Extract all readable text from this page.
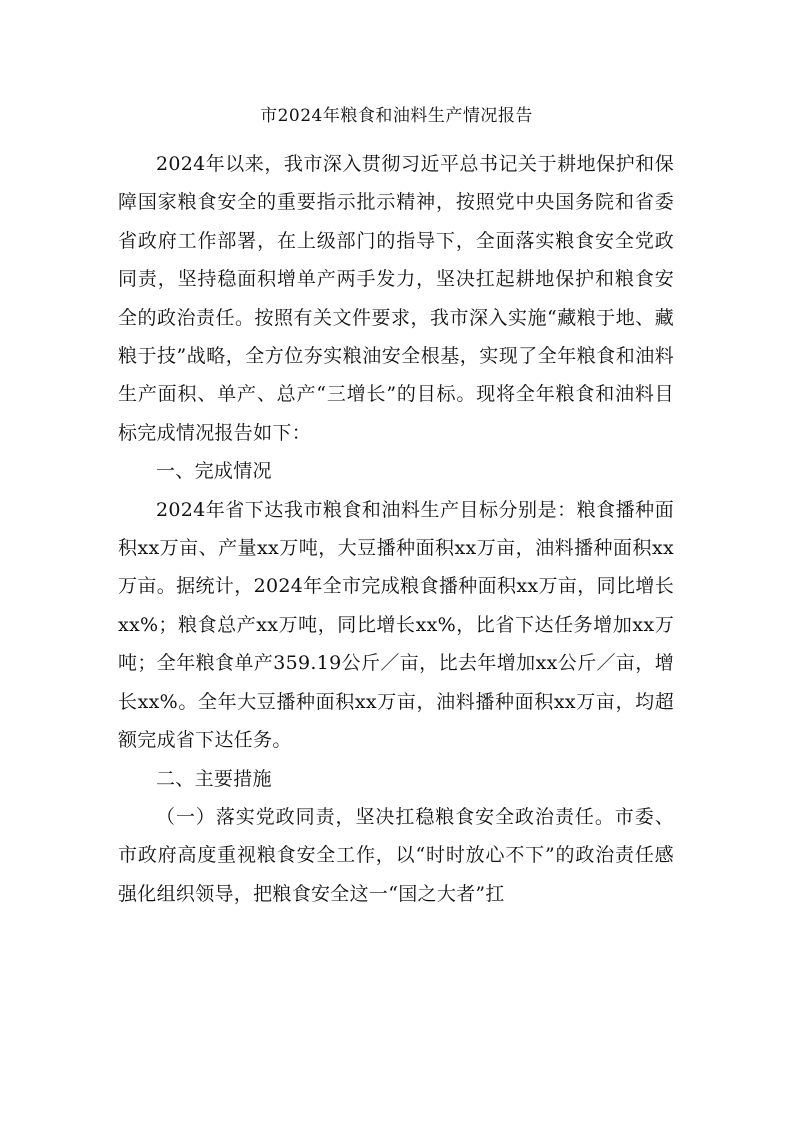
市2024年粮食和油料生产情况报告

2024年以来，我市深入贯彻习近平总书记关于耕地保护和保障国家粮食安全的重要指示批示精神，按照党中央国务院和省委省政府工作部署，在上级部门的指导下，全面落实粮食安全党政同责，坚持稳面积增单产两手发力，坚决扛起耕地保护和粮食安全的政治责任。按照有关文件要求，我市深入实施“藏粮于地、藏粮于技”战略，全方位夯实粮油安全根基，实现了全年粮食和油料生产面积、单产、总产“三增长”的目标。现将全年粮食和油料目标完成情况报告如下：

一、完成情况

2024年省下达我市粮食和油料生产目标分别是：粮食播种面积xx万亩、产量xx万吨，大豆播种面积xx万亩，油料播种面积xx万亩。据统计，2024年全市完成粮食播种面积xx万亩，同比增长xx%；粮食总产xx万吨，同比增长xx%，比省下达任务增加xx万吨；全年粮食单产359.19公斤／亩，比去年增加xx公斤／亩，增长xx%。全年大豆播种面积xx万亩，油料播种面积xx万亩，均超额完成省下达任务。

二、主要措施

（一）落实党政同责，坚决扛稳粮食安全政治责任。市委、市政府高度重视粮食安全工作，以“时时放心不下”的政治责任感强化组织领导，把粮食安全这一“国之大者”扛
